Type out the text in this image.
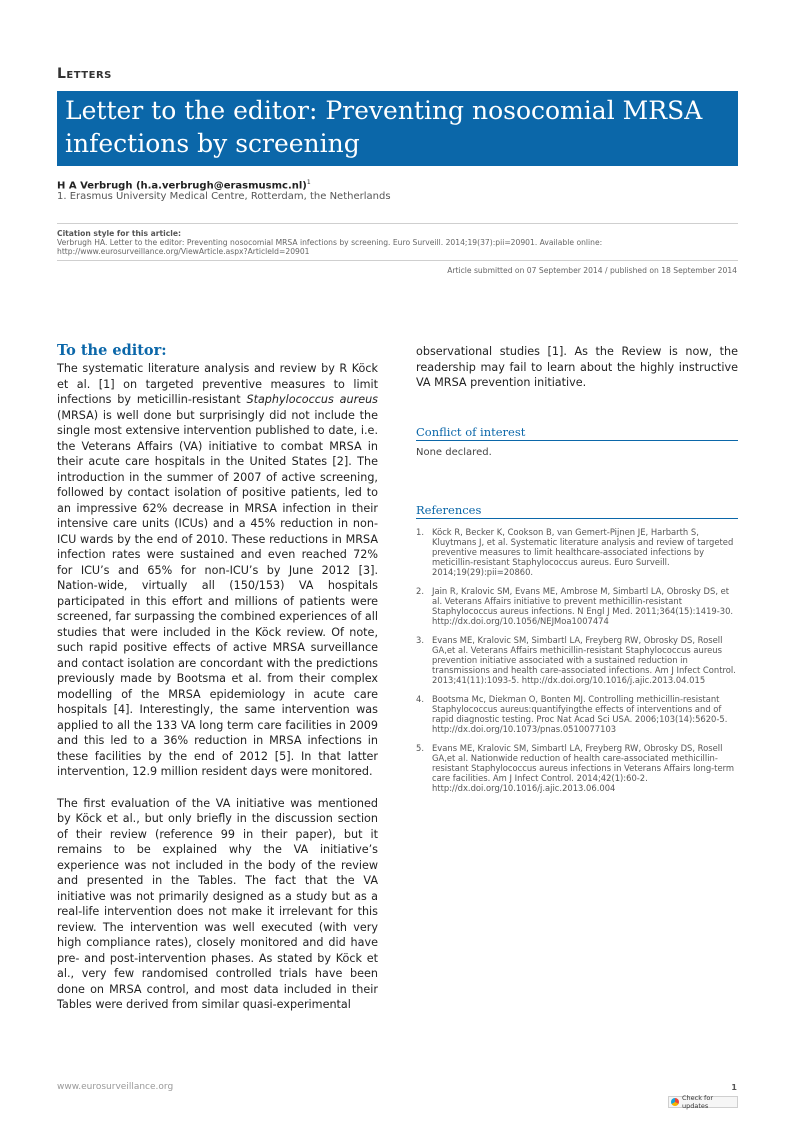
Letters
Letter to the editor: Preventing nosocomial MRSA infections by screening
H A Verbrugh (h.a.verbrugh@erasmusmc.nl)$^1$
1. Erasmus University Medical Centre, Rotterdam, the Netherlands
Citation style for this article:
Verbrugh HA. Letter to the editor: Preventing nosocomial MRSA infections by screening. Euro Surveill. 2014;19(37):pii=20901. Available online: http://www.eurosurveillance.org/ViewArticle.aspx?ArticleId=20901
Article submitted on 07 September 2014 / published on 18 September 2014
To the editor:

The systematic literature analysis and review by R Köck et al. [1] on targeted preventive measures to limit infections by meticillin-resistant Staphylococcus aureus (MRSA) is well done but surprisingly did not include the single most extensive intervention published to date, i.e. the Veterans Affairs (VA) initiative to combat MRSA in their acute care hospitals in the United States [2]. The introduction in the summer of 2007 of active screening, followed by contact isolation of positive patients, led to an impressive 62% decrease in MRSA infection in their intensive care units (ICUs) and a 45% reduction in non-ICU wards by the end of 2010. These reductions in MRSA infection rates were sustained and even reached 72% for ICU’s and 65% for non-ICU’s by June 2012 [3]. Nation-wide, virtually all (150/153) VA hospitals participated in this effort and millions of patients were screened, far surpassing the combined experiences of all studies that were included in the Köck review. Of note, such rapid positive effects of active MRSA surveillance and contact isolation are concordant with the predictions previously made by Bootsma et al. from their complex modelling of the MRSA epidemiology in acute care hospitals [4]. Interestingly, the same intervention was applied to all the 133 VA long term care facilities in 2009 and this led to a 36% reduction in MRSA infections in these facilities by the end of 2012 [5]. In that latter intervention, 12.9 million resident days were monitored.

The first evaluation of the VA initiative was mentioned by Köck et al., but only briefly in the discussion section of their review (reference 99 in their paper), but it remains to be explained why the VA initiative’s experience was not included in the body of the review and presented in the Tables. The fact that the VA initiative was not primarily designed as a study but as a real-life intervention does not make it irrelevant for this review. The intervention was well executed (with very high compliance rates), closely monitored and did have pre- and post-intervention phases. As stated by Köck et al., very few randomised controlled trials have been done on MRSA control, and most data included in their Tables were derived from similar quasi-experimental

observational studies [1]. As the Review is now, the readership may fail to learn about the highly instructive VA MRSA prevention initiative.

Conflict of interest
None declared.
References
1. Köck R, Becker K, Cookson B, van Gemert-Pijnen JE, Harbarth S, Kluytmans J, et al. Systematic literature analysis and review of targeted preventive measures to limit healthcare-associated infections by meticillin-resistant Staphylococcus aureus. Euro Surveill. 2014;19(29):pii=20860.
2. Jain R, Kralovic SM, Evans ME, Ambrose M, Simbartl LA, Obrosky DS, et al. Veterans Affairs initiative to prevent methicillin-resistant Staphylococcus aureus infections. N Engl J Med. 2011;364(15):1419-30. http://dx.doi.org/10.1056/NEJMoa1007474
3. Evans ME, Kralovic SM, Simbartl LA, Freyberg RW, Obrosky DS, Rosell GA,et al. Veterans Affairs methicillin-resistant Staphylococcus aureus prevention initiative associated with a sustained reduction in transmissions and health care-associated infections. Am J Infect Control. 2013;41(11):1093-5. http://dx.doi.org/10.1016/j.ajic.2013.04.015
4. Bootsma Mc, Diekman O, Bonten MJ. Controlling methicillin-resistant Staphylococcus aureus:quantifyingthe effects of interventions and of rapid diagnostic testing. Proc Nat Acad Sci USA. 2006;103(14):5620-5. http://dx.doi.org/10.1073/pnas.0510077103
5. Evans ME, Kralovic SM, Simbartl LA, Freyberg RW, Obrosky DS, Rosell GA,et al. Nationwide reduction of health care-associated methicillin-resistant Staphylococcus aureus infections in Veterans Affairs long-term care facilities. Am J Infect Control. 2014;42(1):60-2. http://dx.doi.org/10.1016/j.ajic.2013.06.004
www.eurosurveillance.org	1
Check for updates
